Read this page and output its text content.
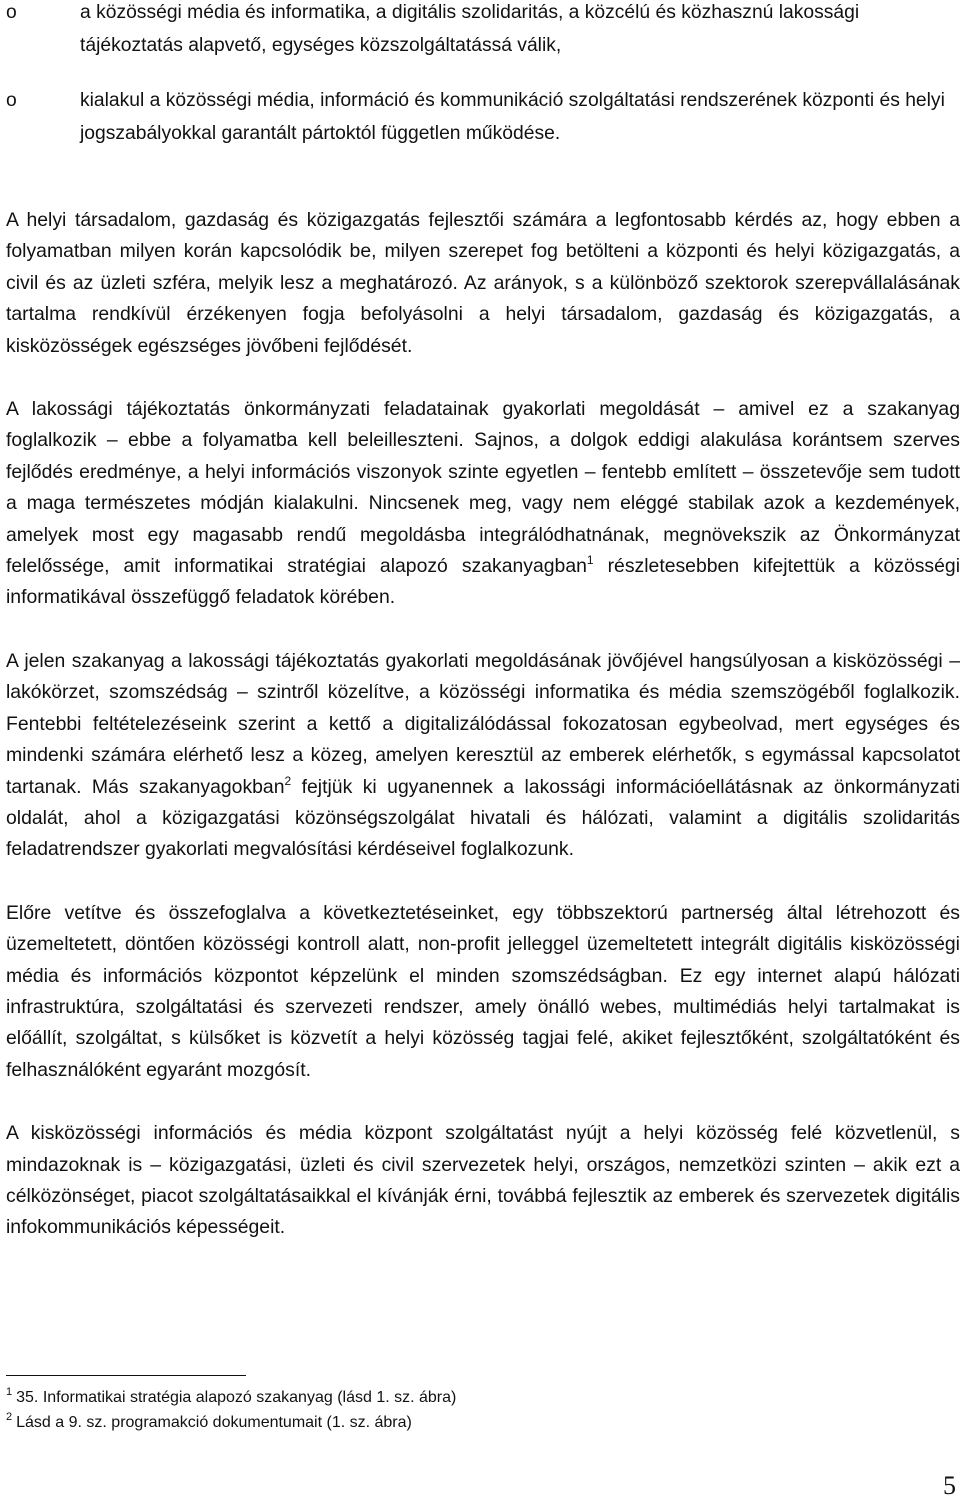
o	a közösségi média és informatika, a digitális szolidaritás, a közcélú és közhasznú lakossági tájékoztatás alapvető, egységes közszolgáltatássá válik,
o	kialakul a közösségi média, információ és kommunikáció szolgáltatási rendszerének központi és helyi jogszabályokkal garantált pártoktól független működése.

A helyi társadalom, gazdaság és közigazgatás fejlesztői számára a legfontosabb kérdés az, hogy ebben a folyamatban milyen korán kapcsolódik be, milyen szerepet fog betölteni a központi és helyi közigazgatás, a civil és az üzleti szféra, melyik lesz a meghatározó. Az arányok, s a különböző szektorok szerepvállalásának tartalma rendkívül érzékenyen fogja befolyásolni a helyi társadalom, gazdaság és közigazgatás, a kisközösségek egészséges jövőbeni fejlődését.

A lakossági tájékoztatás önkormányzati feladatainak gyakorlati megoldását – amivel ez a szakanyag foglalkozik – ebbe a folyamatba kell beleilleszteni. Sajnos, a dolgok eddigi alakulása korántsem szerves fejlődés eredménye, a helyi információs viszonyok szinte egyetlen – fentebb említett – összetevője sem tudott a maga természetes módján kialakulni. Nincsenek meg, vagy nem eléggé stabilak azok a kezdemények, amelyek most egy magasabb rendű megoldásba integrálódhatnának, megnövekszik az Önkormányzat felelőssége, amit informatikai stratégiai alapozó szakanyagban$^1$ részletesebben kifejtettük a közösségi informatikával összefüggő feladatok körében.

A jelen szakanyag a lakossági tájékoztatás gyakorlati megoldásának jövőjével hangsúlyosan a kisközösségi – lakókörzet, szomszédság – szintről közelítve, a közösségi informatika és média szemszögéből foglalkozik. Fentebbi feltételezéseink szerint a kettő a digitalizálódással fokozatosan egybeolvad, mert egységes és mindenki számára elérhető lesz a közeg, amelyen keresztül az emberek elérhetők, s egymással kapcsolatot tartanak. Más szakanyagokban$^2$ fejtjük ki ugyanennek a lakossági információellátásnak az önkormányzati oldalát, ahol a közigazgatási közönségszolgálat hivatali és hálózati, valamint a digitális szolidaritás feladatrendszer gyakorlati megvalósítási kérdéseivel foglalkozunk.

Előre vetítve és összefoglalva a következtetéseinket, egy többszektorú partnerség által létrehozott és üzemeltetett, döntően közösségi kontroll alatt, non-profit jelleggel üzemeltetett integrált digitális kisközösségi média és információs központot képzelünk el minden szomszédságban. Ez egy internet alapú hálózati infrastruktúra, szolgáltatási és szervezeti rendszer, amely önálló webes, multimédiás helyi tartalmakat is előállít, szolgáltat, s külsőket is közvetít a helyi közösség tagjai felé, akiket fejlesztőként, szolgáltatóként és felhasználóként egyaránt mozgósít.

A kisközösségi információs és média központ szolgáltatást nyújt a helyi közösség felé közvetlenül, s mindazoknak is – közigazgatási, üzleti és civil szervezetek helyi, országos, nemzetközi szinten – akik ezt a célközönséget, piacot szolgáltatásaikkal el kívánják érni, továbbá fejlesztik az emberek és szervezetek digitális infokommunikációs képességeit.

$^1$ 35. Informatikai stratégia alapozó szakanyag (lásd 1. sz. ábra)
$^2$ Lásd a 9. sz. programakció dokumentumait (1. sz. ábra)
5
